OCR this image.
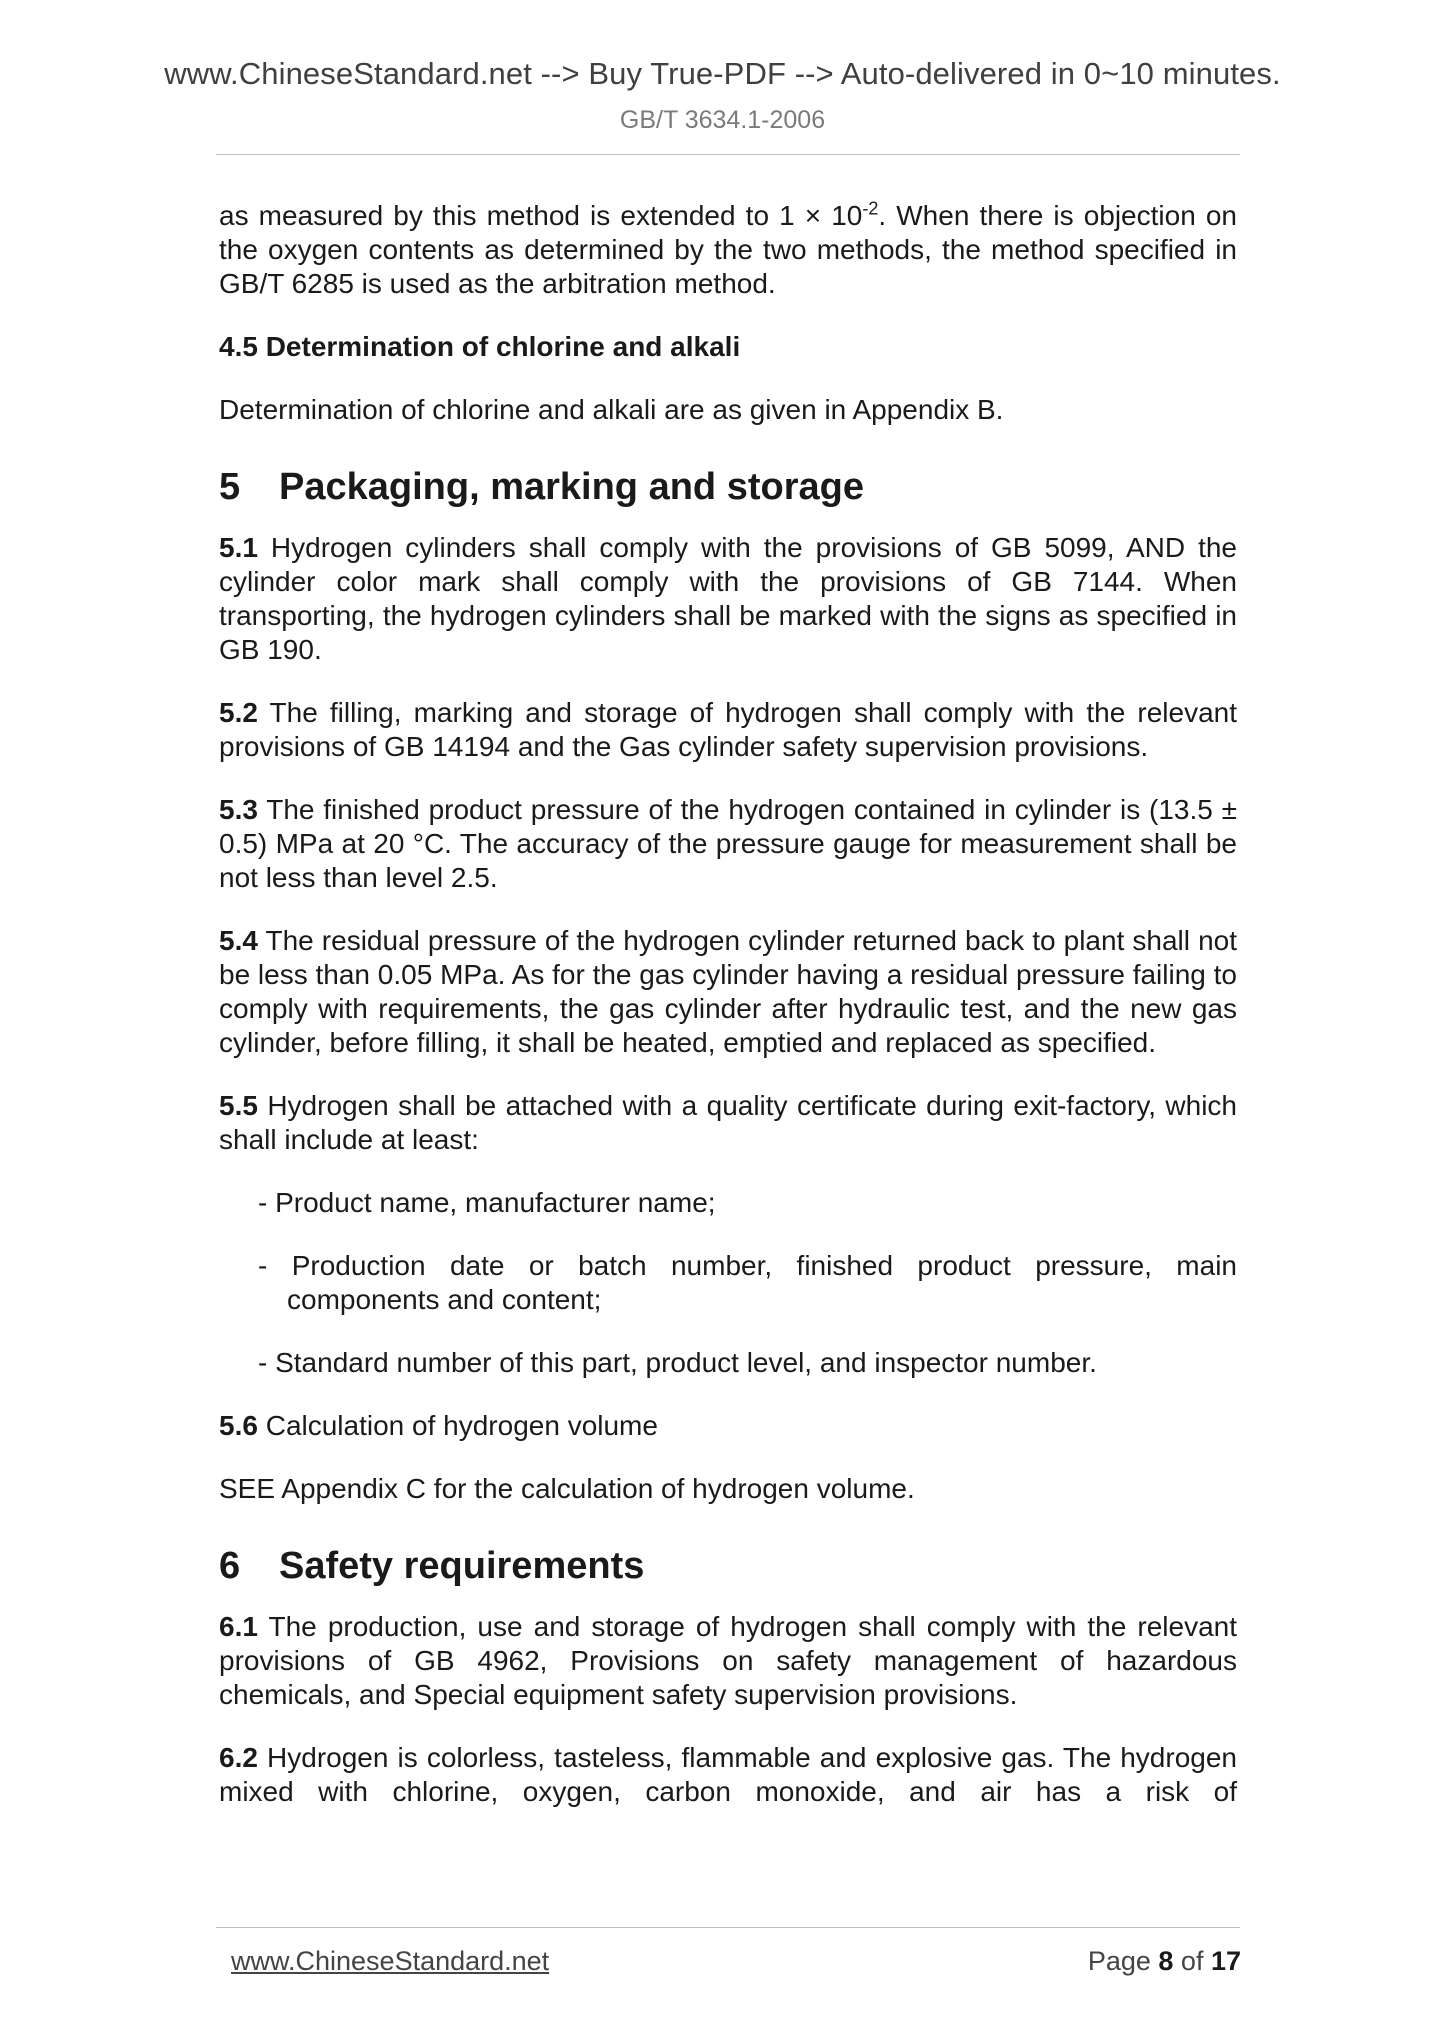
www.ChineseStandard.net --> Buy True-PDF --> Auto-delivered in 0~10 minutes.
GB/T 3634.1-2006

as measured by this method is extended to $1 \times 10^{-2}$. When there is objection on the oxygen contents as determined by the two methods, the method specified in GB/T 6285 is used as the arbitration method.

4.5 Determination of chlorine and alkali

Determination of chlorine and alkali are as given in Appendix B.

5 Packaging, marking and storage

5.1 Hydrogen cylinders shall comply with the provisions of GB 5099, AND the cylinder color mark shall comply with the provisions of GB 7144. When transporting, the hydrogen cylinders shall be marked with the signs as specified in GB 190.

5.2 The filling, marking and storage of hydrogen shall comply with the relevant provisions of GB 14194 and the Gas cylinder safety supervision provisions.

5.3 The finished product pressure of the hydrogen contained in cylinder is (13.5 ± 0.5) MPa at 20 °C. The accuracy of the pressure gauge for measurement shall be not less than level 2.5.

5.4 The residual pressure of the hydrogen cylinder returned back to plant shall not be less than 0.05 MPa. As for the gas cylinder having a residual pressure failing to comply with requirements, the gas cylinder after hydraulic test, and the new gas cylinder, before filling, it shall be heated, emptied and replaced as specified.

5.5 Hydrogen shall be attached with a quality certificate during exit-factory, which shall include at least:

- Product name, manufacturer name;

- Production date or batch number, finished product pressure, main components and content;

- Standard number of this part, product level, and inspector number.

5.6 Calculation of hydrogen volume

SEE Appendix C for the calculation of hydrogen volume.

6 Safety requirements

6.1 The production, use and storage of hydrogen shall comply with the relevant provisions of GB 4962, Provisions on safety management of hazardous chemicals, and Special equipment safety supervision provisions.

6.2 Hydrogen is colorless, tasteless, flammable and explosive gas. The hydrogen mixed with chlorine, oxygen, carbon monoxide, and air has a risk of

www.ChineseStandard.net	Page 8 of 17
